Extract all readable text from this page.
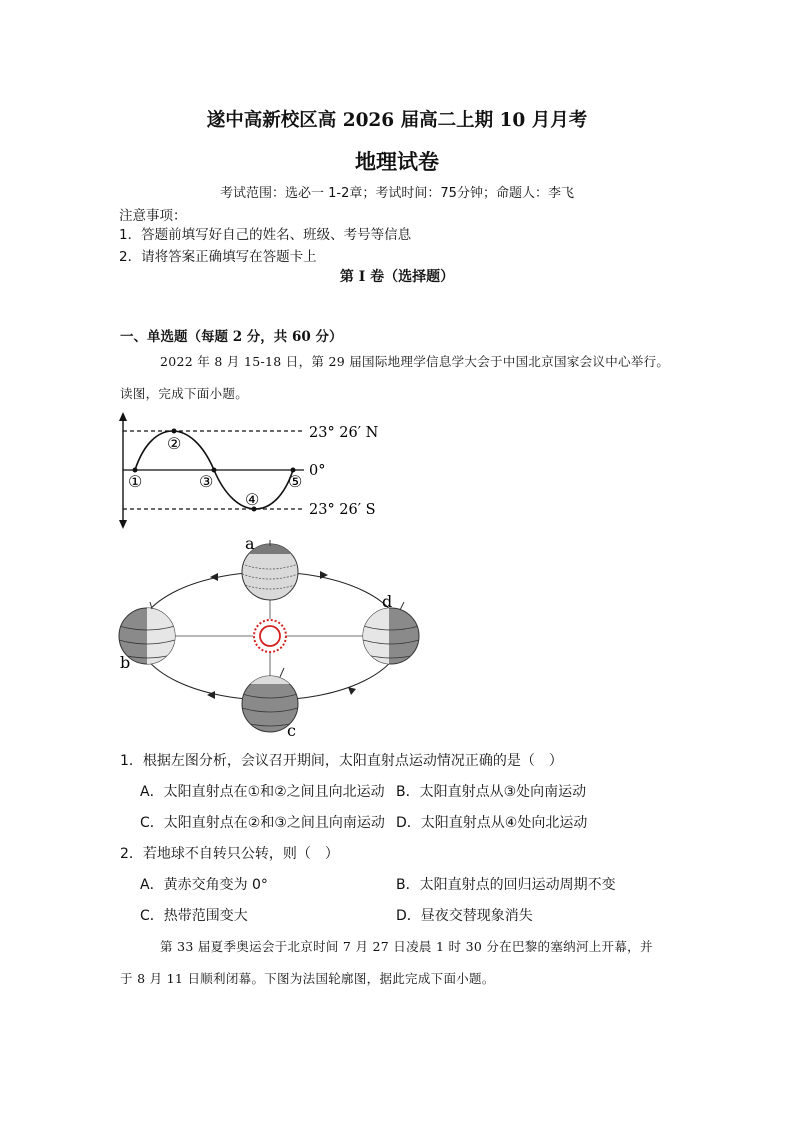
遂中高新校区高 2026 届高二上期 10 月月考
地理试卷
考试范围：选必一 1-2章；考试时间：75分钟；命题人：李飞
注意事项：
1．答题前填写好自己的姓名、班级、考号等信息
2．请将答案正确填写在答题卡上
第 I 卷（选择题）
一、单选题（每题 2 分，共 60 分）
2022 年 8 月 15-18 日，第 29 届国际地理学信息学大会于中国北京国家会议中心举行。
读图，完成下面小题。
①
②
③
④
⑤
23° 26′ N
0°
23° 26′ S
a
b
c
d
1．根据左图分析，会议召开期间，太阳直射点运动情况正确的是（　）
A．太阳直射点在①和②之间且向北运动 B．太阳直射点从③处向南运动
C．太阳直射点在②和③之间且向南运动 D．太阳直射点从④处向北运动
2．若地球不自转只公转，则（　）
A．黄赤交角变为 0°	B．太阳直射点的回归运动周期不变
C．热带范围变大	D．昼夜交替现象消失
第 33 届夏季奥运会于北京时间 7 月 27 日凌晨 1 时 30 分在巴黎的塞纳河上开幕，并
于 8 月 11 日顺利闭幕。下图为法国轮廓图，据此完成下面小题。
